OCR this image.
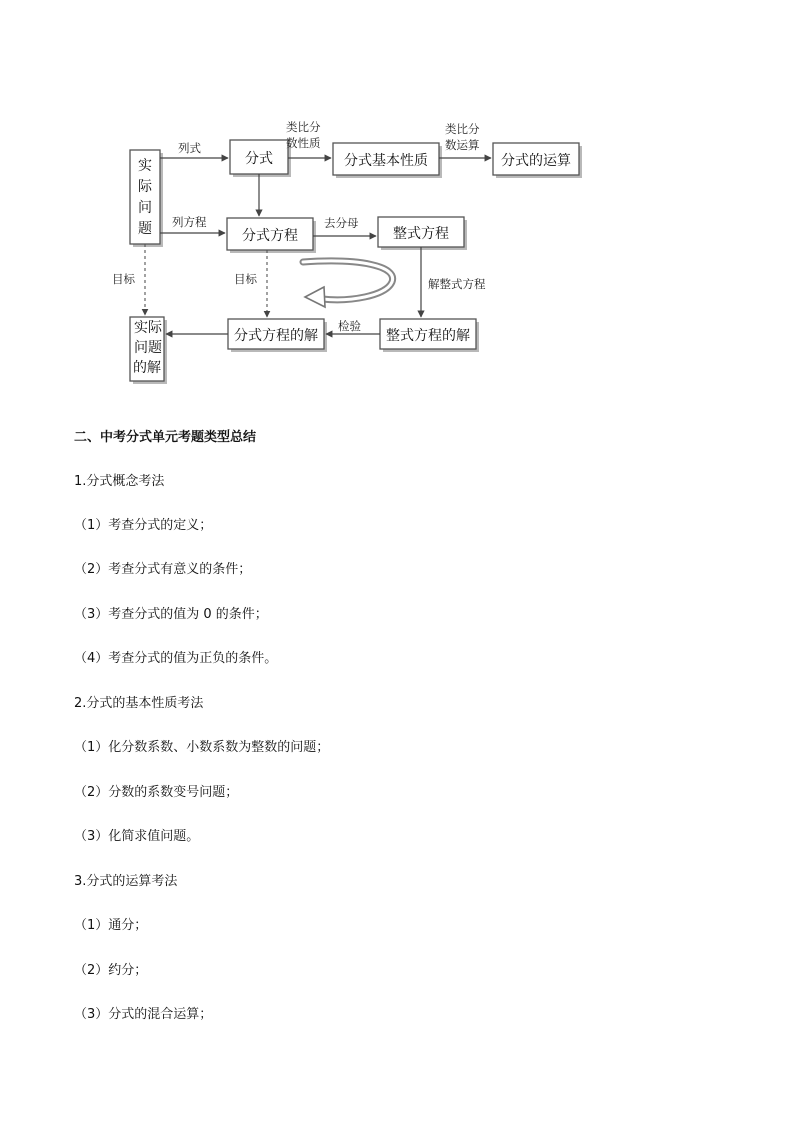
实
际
问
题
实 际
问 题
的解
分式	分式基本性质	分式的运算
分式方程	整式方程
分式方程的解	整式方程的解
列式
类比分
数性质
类比分
数运算
列方程	去分母
解整式方程
检验
目标	目标
二、中考分式单元考题类型总结
1.分式概念考法
（1）考查分式的定义；
（2）考查分式有意义的条件；
（3）考查分式的值为 0 的条件；
（4）考查分式的值为正负的条件。
2.分式的基本性质考法
（1）化分数系数、小数系数为整数的问题；
（2）分数的系数变号问题；
（3）化简求值问题。
3.分式的运算考法
（1）通分；
（2）约分；
（3）分式的混合运算；
